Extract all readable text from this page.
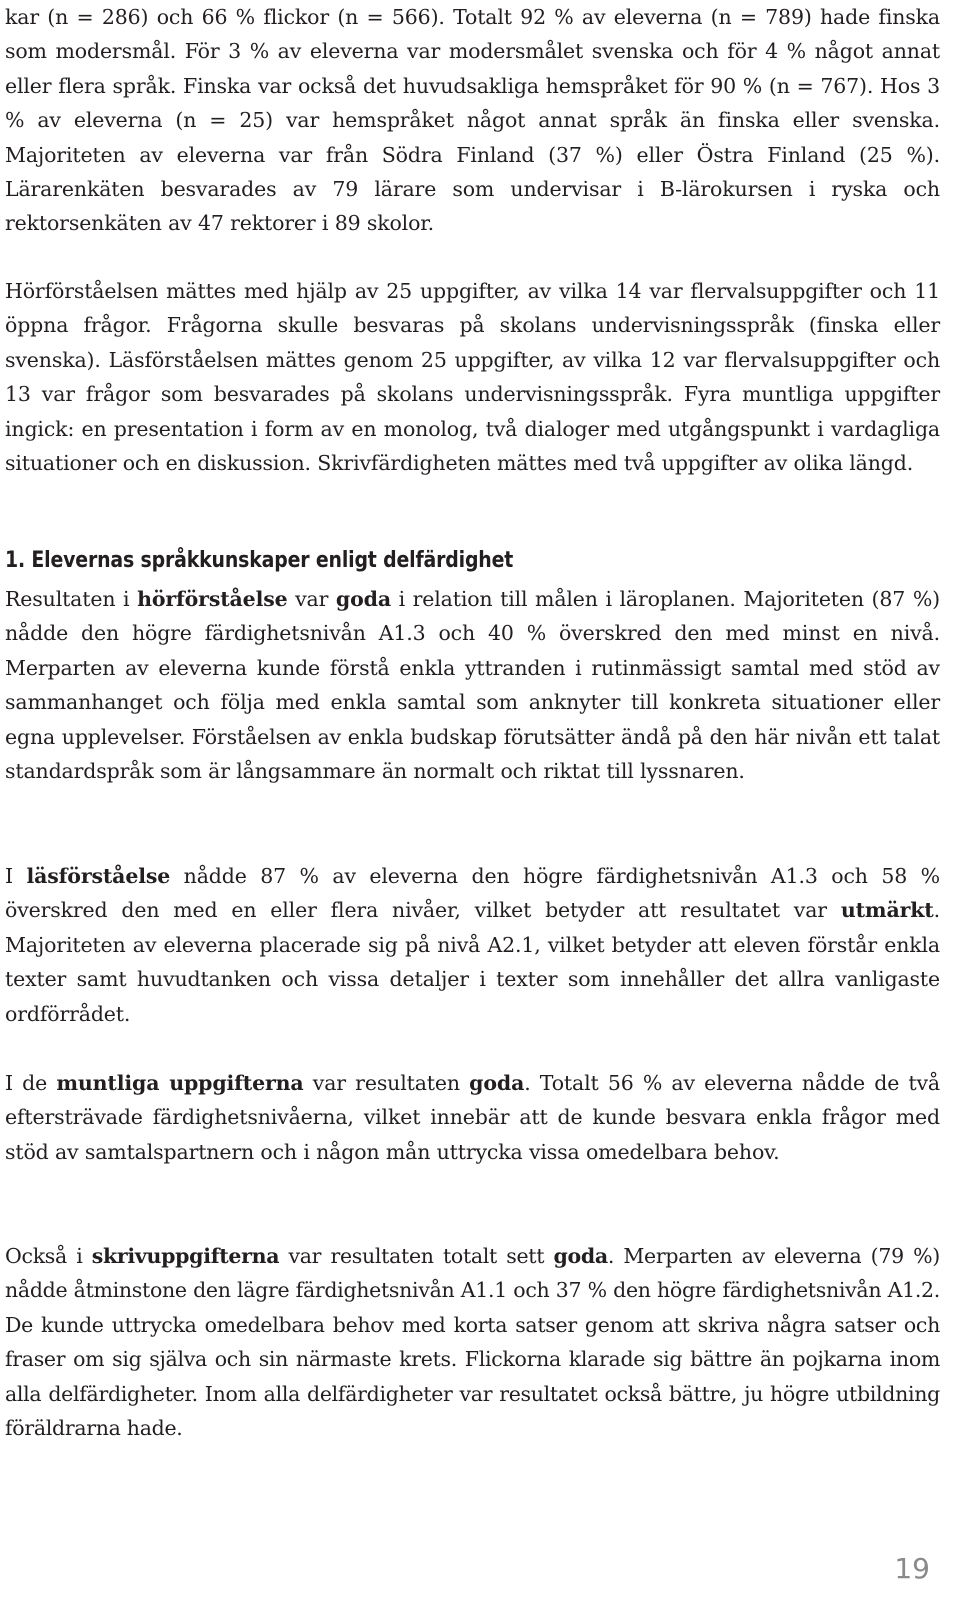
kar (n = 286) och 66 % flickor (n = 566). Totalt 92 % av eleverna (n = 789) hade finska som modersmål. För 3 % av eleverna var modersmålet svenska och för 4 % något annat eller flera språk. Finska var också det huvudsakliga hemspråket för 90 % (n = 767). Hos 3 % av eleverna (n = 25) var hemspråket något annat språk än finska eller svenska. Majoriteten av eleverna var från Södra Finland (37 %) eller Östra Finland (25 %). Lärarenkäten besvarades av 79 lärare som undervisar i B-lärokursen i ryska och rektorsenkäten av 47 rektorer i 89 skolor.

Hörförståelsen mättes med hjälp av 25 uppgifter, av vilka 14 var flervalsuppgifter och 11 öppna frågor. Frågorna skulle besvaras på skolans undervisningsspråk (finska eller svenska). Läsförståelsen mättes genom 25 uppgifter, av vilka 12 var flervalsuppgifter och 13 var frågor som besvarades på skolans undervisningsspråk. Fyra muntliga uppgifter ingick: en presentation i form av en monolog, två dialoger med utgångspunkt i vardagliga situationer och en diskussion. Skrivfärdigheten mättes med två uppgifter av olika längd.

1. Elevernas språkkunskaper enligt delfärdighet

Resultaten i hörförståelse var goda i relation till målen i läroplanen. Majoriteten (87 %) nådde den högre färdighetsnivån A1.3 och 40 % överskred den med minst en nivå. Merparten av eleverna kunde förstå enkla yttranden i rutinmässigt samtal med stöd av sammanhanget och följa med enkla samtal som anknyter till konkreta situationer eller egna upplevelser. Förståelsen av enkla budskap förutsätter ändå på den här nivån ett talat standardspråk som är långsammare än normalt och riktat till lyssnaren.

I läsförståelse nådde 87 % av eleverna den högre färdighetsnivån A1.3 och 58 % överskred den med en eller flera nivåer, vilket betyder att resultatet var utmärkt. Majoriteten av eleverna placerade sig på nivå A2.1, vilket betyder att eleven förstår enkla texter samt huvudtanken och vissa detaljer i texter som innehåller det allra vanligaste ordförrådet.

I de muntliga uppgifterna var resultaten goda. Totalt 56 % av eleverna nådde de två eftersträvade färdighetsnivåerna, vilket innebär att de kunde besvara enkla frågor med stöd av samtalspartnern och i någon mån uttrycka vissa omedelbara behov.

Också i skrivuppgifterna var resultaten totalt sett goda. Merparten av eleverna (79 %) nådde åtminstone den lägre färdighetsnivån A1.1 och 37 % den högre färdighetsnivån A1.2. De kunde uttrycka omedelbara behov med korta satser genom att skriva några satser och fraser om sig själva och sin närmaste krets. Flickorna klarade sig bättre än pojkarna inom alla delfärdigheter. Inom alla delfärdigheter var resultatet också bättre, ju högre utbildning föräldrarna hade.

19
